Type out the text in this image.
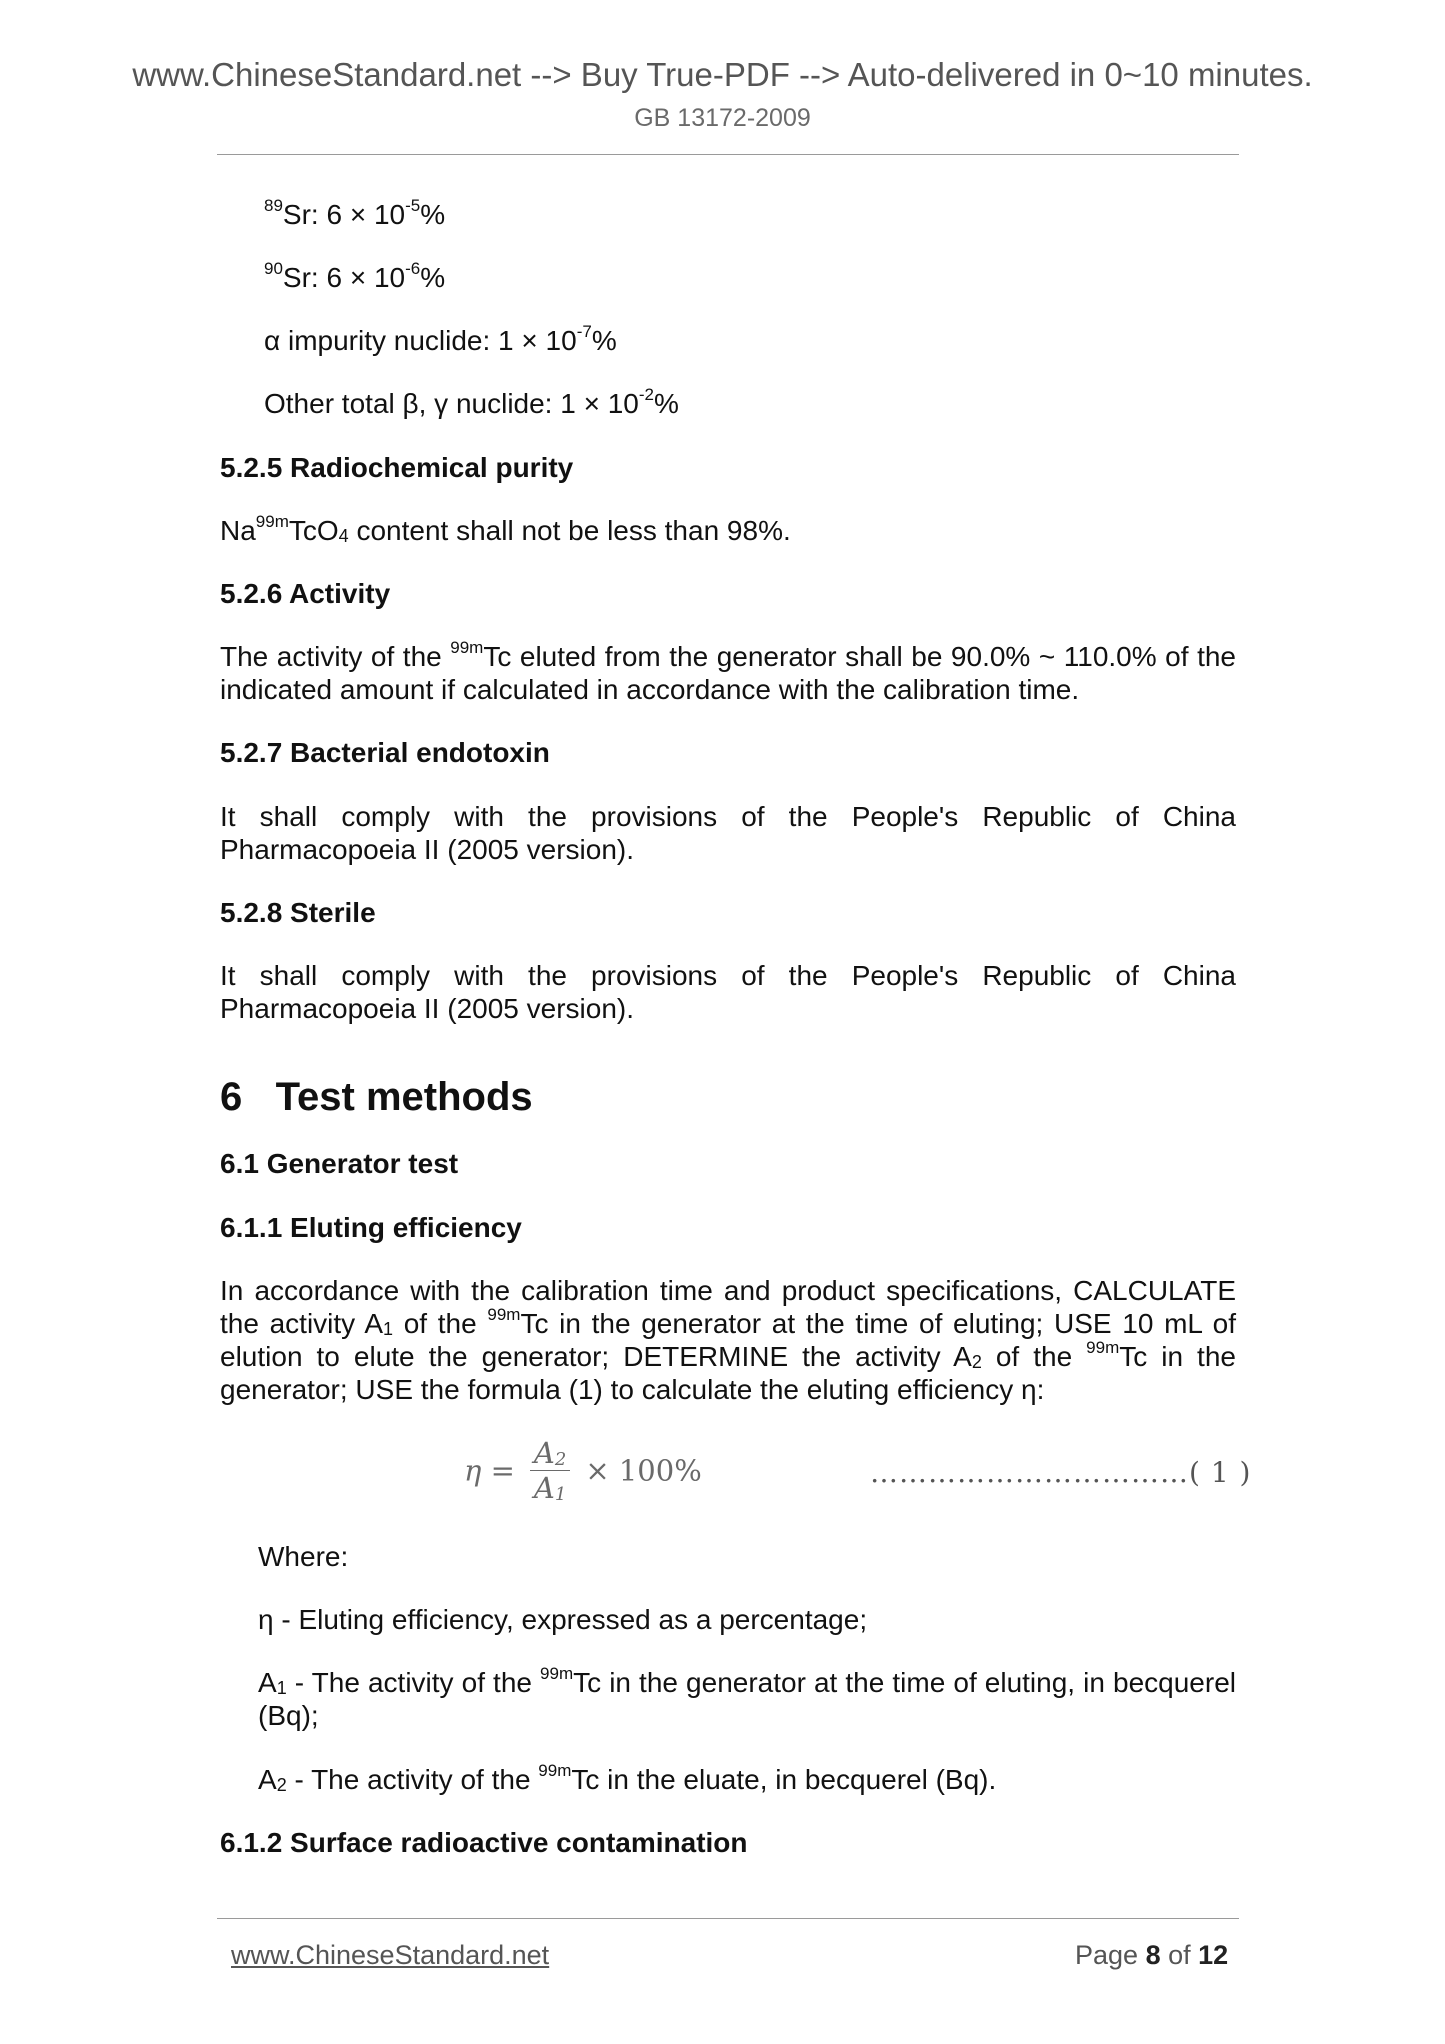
www.ChineseStandard.net --> Buy True-PDF --> Auto-delivered in 0~10 minutes.
GB 13172-2009
$^{89}$Sr: $6 \times 10^{-5}\%$
$^{90}$Sr: $6 \times 10^{-6}\%$
α impurity nuclide: $1 \times 10^{-7}\%$
Other total β, γ nuclide: $1 \times 10^{-2}\%$
5.2.5 Radiochemical purity
$Na^{99m}TcO_4$ content shall not be less than 98%.
5.2.6 Activity
The activity of the $^{99m}$Tc eluted from the generator shall be 90.0% ~ 110.0% of the indicated amount if calculated in accordance with the calibration time.
5.2.7 Bacterial endotoxin
It shall comply with the provisions of the People's Republic of China Pharmacopoeia II (2005 version).
5.2.8 Sterile
It shall comply with the provisions of the People's Republic of China Pharmacopoeia II (2005 version).
6   Test methods
6.1 Generator test
6.1.1 Eluting efficiency
In accordance with the calibration time and product specifications, CALCULATE the activity $A_1$ of the $^{99m}$Tc in the generator at the time of eluting; USE 10 mL of elution to elute the generator; DETERMINE the activity $A_2$ of the $^{99m}$Tc in the generator; USE the formula (1) to calculate the eluting efficiency η:
$\eta = \frac{A_2}{A_1} \times 100\%$	……………………………( 1 )
Where:
η - Eluting efficiency, expressed as a percentage;
$A_1$ - The activity of the $^{99m}$Tc in the generator at the time of eluting, in becquerel (Bq);
$A_2$ - The activity of the $^{99m}$Tc in the eluate, in becquerel (Bq).
6.1.2 Surface radioactive contamination
www.ChineseStandard.net	Page 8 of 12
